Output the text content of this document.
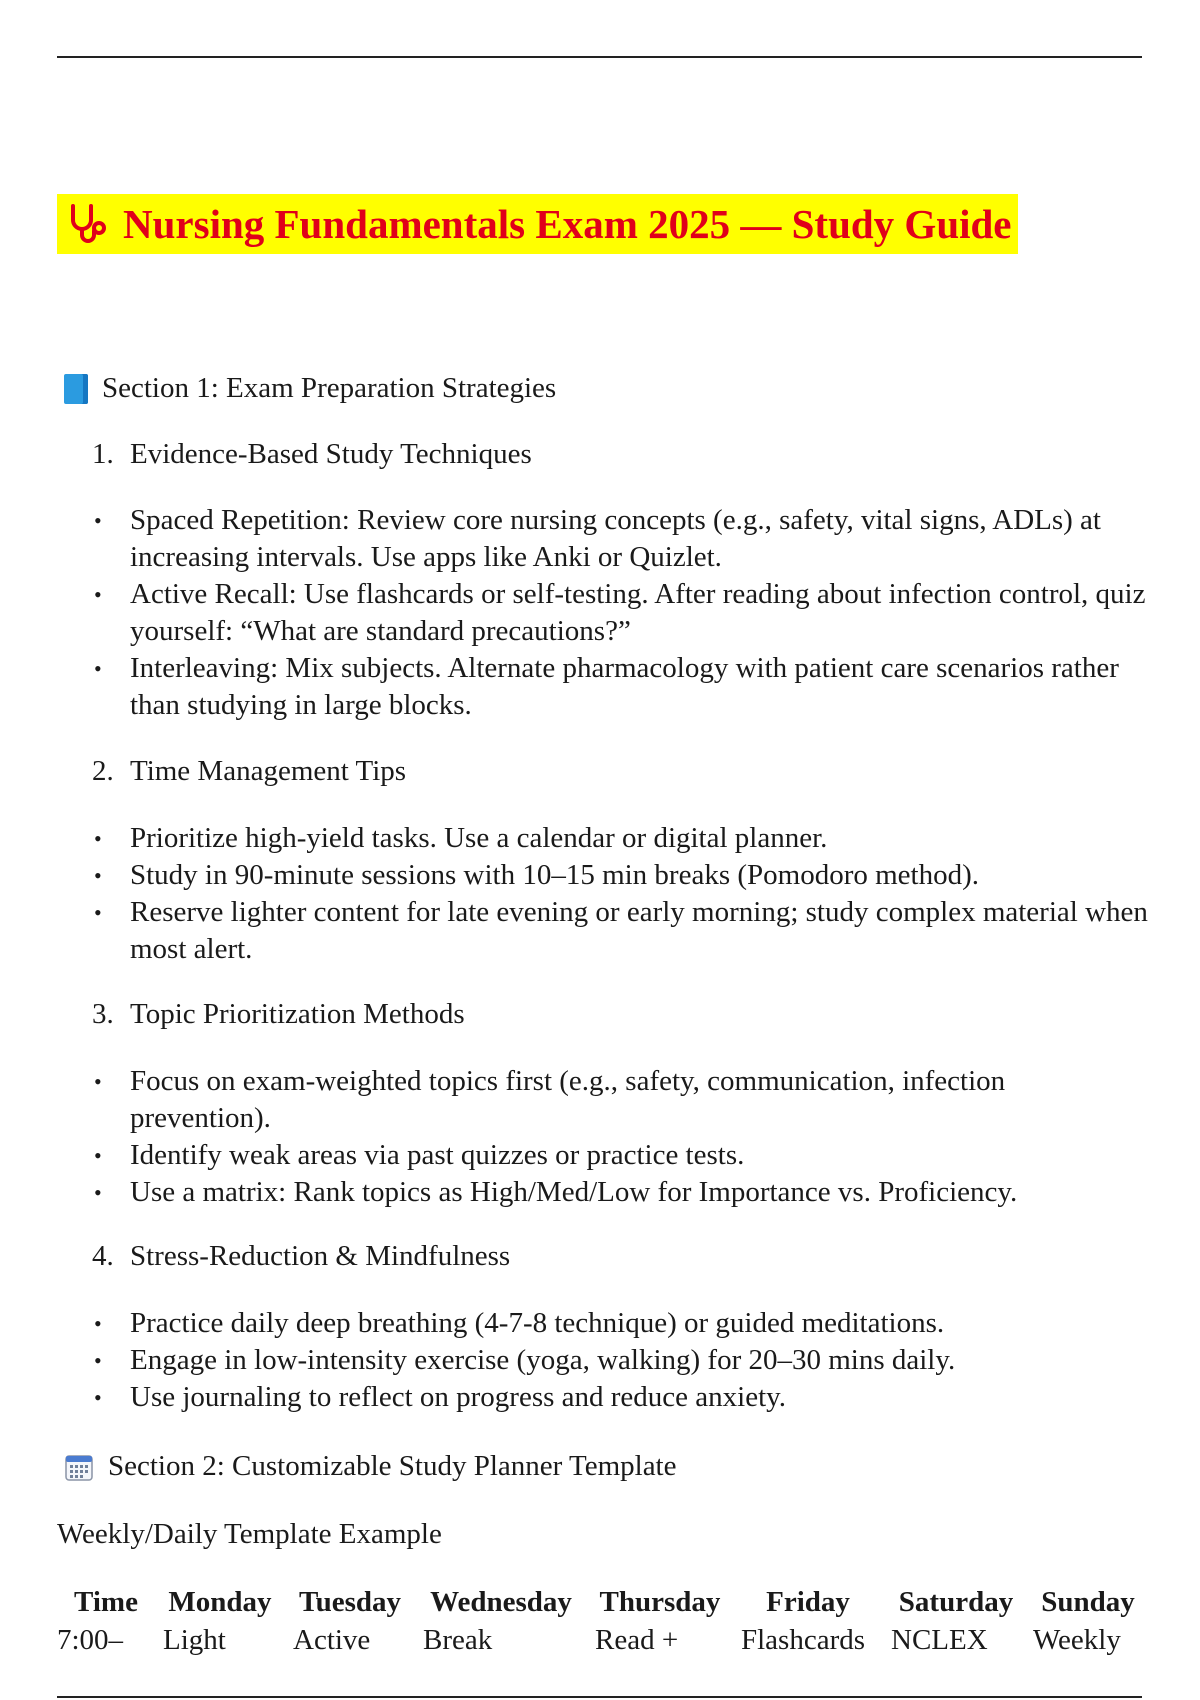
Nursing Fundamentals Exam 2025 — Study Guide
Section 1: Exam Preparation Strategies
1. Evidence-Based Study Techniques
• Spaced Repetition: Review core nursing concepts (e.g., safety, vital signs, ADLs) at increasing intervals. Use apps like Anki or Quizlet.
• Active Recall: Use flashcards or self-testing. After reading about infection control, quiz yourself: “What are standard precautions?”
• Interleaving: Mix subjects. Alternate pharmacology with patient care scenarios rather than studying in large blocks.
2. Time Management Tips
• Prioritize high-yield tasks. Use a calendar or digital planner.
• Study in 90-minute sessions with 10–15 min breaks (Pomodoro method).
• Reserve lighter content for late evening or early morning; study complex material when most alert.
3. Topic Prioritization Methods
• Focus on exam-weighted topics first (e.g., safety, communication, infection prevention).
• Identify weak areas via past quizzes or practice tests.
• Use a matrix: Rank topics as High/Med/Low for Importance vs. Proficiency.
4. Stress-Reduction & Mindfulness
• Practice daily deep breathing (4-7-8 technique) or guided meditations.
• Engage in low-intensity exercise (yoga, walking) for 20–30 mins daily.
• Use journaling to reflect on progress and reduce anxiety.
Section 2: Customizable Study Planner Template
Weekly/Daily Template Example
Time	Monday	Tuesday	Wednesday	Thursday	Friday	Saturday	Sunday
7:00–	Light	Active	Break	Read +	Flashcards	NCLEX	Weekly
